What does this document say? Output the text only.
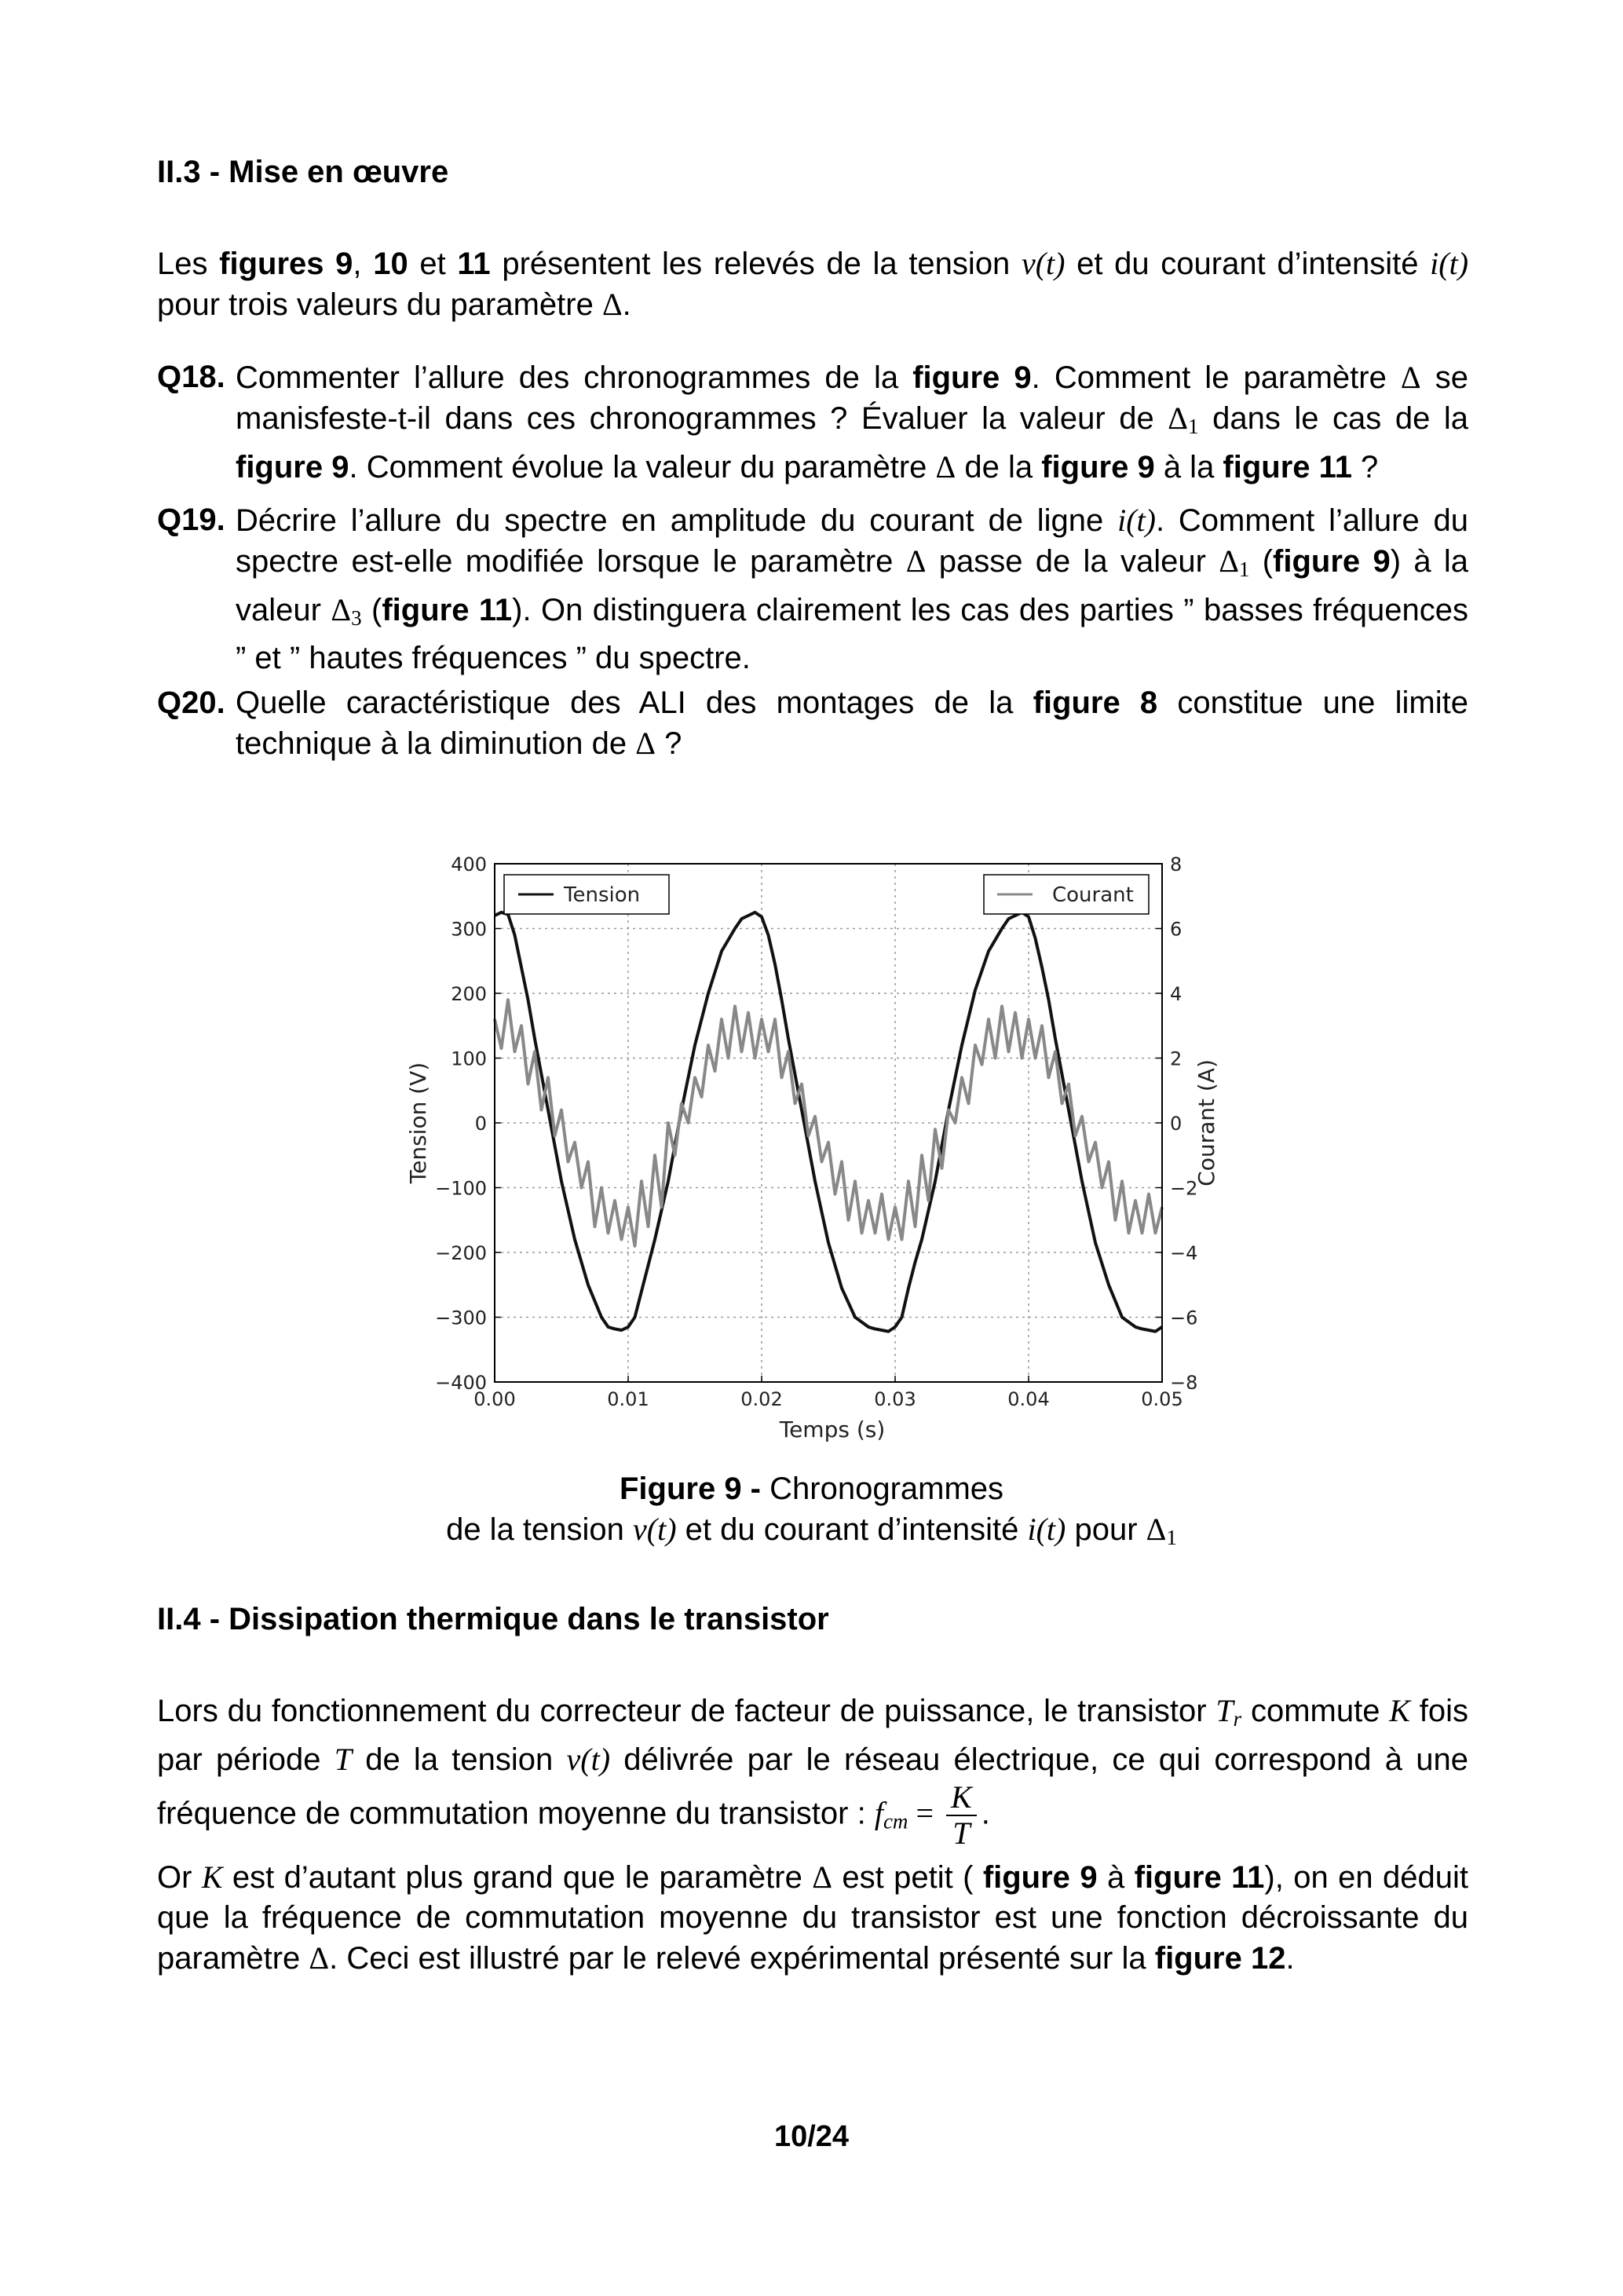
II.3 - Mise en œuvre
Les figures 9, 10 et 11 présentent les relevés de la tension v(t) et du courant d’intensité i(t) pour trois valeurs du paramètre Δ.
Q18. Commenter l’allure des chronogrammes de la figure 9. Comment le paramètre Δ se manisfeste-t-il dans ces chronogrammes ? Évaluer la valeur de $\Delta_1$ dans le cas de la figure 9. Comment évolue la valeur du paramètre Δ de la figure 9 à la figure 11 ?
Q19. Décrire l’allure du spectre en amplitude du courant de ligne i(t). Comment l’allure du spectre est-elle modifiée lorsque le paramètre Δ passe de la valeur $\Delta_1$ (figure 9) à la valeur $\Delta_3$ (figure 11). On distinguera clairement les cas des parties ” basses fréquences ” et ” hautes fréquences ” du spectre.
Q20. Quelle caractéristique des ALI des montages de la figure 8 constitue une limite technique à la diminution de Δ ?
0.00	0.01	0.02	0.03	0.04	0.05
400
300
200
100
0
−100
−200
−300
−400
8
6
4
2
0
−2
−4
−6
−8
Temps (s)
Tension (V)	Courant (A)
Tension	Courant
Figure 9 - Chronogrammes
de la tension v(t) et du courant d’intensité i(t) pour $\Delta_1$
II.4 - Dissipation thermique dans le transistor
Lors du fonctionnement du correcteur de facteur de puissance, le transistor $T_r$ commute K fois par période T de la tension v(t) délivrée par le réseau électrique, ce qui correspond à une fréquence de commutation moyenne du transistor : $f_{cm} = \frac{K}{T}$ .
Or K est d’autant plus grand que le paramètre Δ est petit ( figure 9 à figure 11), on en déduit que la fréquence de commutation moyenne du transistor est une fonction décroissante du paramètre Δ. Ceci est illustré par le relevé expérimental présenté sur la figure 12.
10/24
